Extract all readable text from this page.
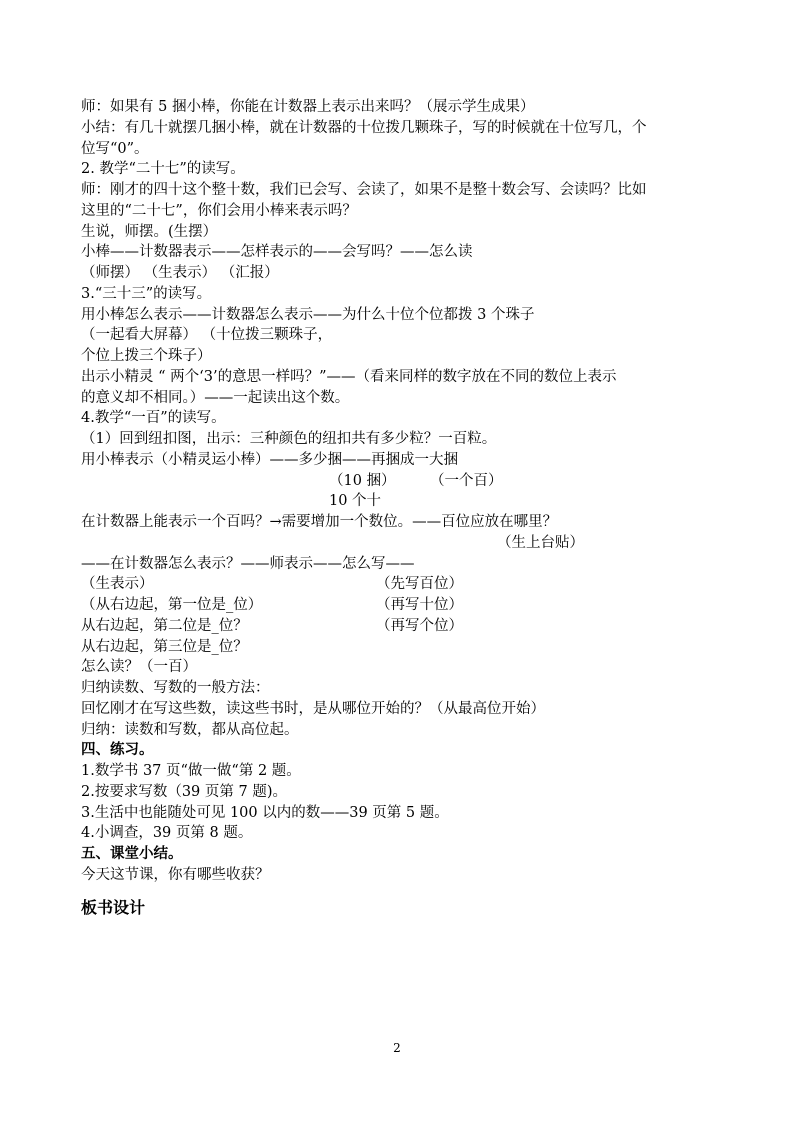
师：如果有 5 捆小棒，你能在计数器上表示出来吗？（展示学生成果）
小结：有几十就摆几捆小棒，就在计数器的十位拨几颗珠子，写的时候就在十位写几，个
位写“0”。
2. 教学“二十七”的读写。
师：刚才的四十这个整十数，我们已会写、会读了，如果不是整十数会写、会读吗？比如
这里的“二十七”，你们会用小棒来表示吗？
生说，师摆。(生摆）
小棒——计数器表示——怎样表示的——会写吗？——怎么读
（师摆） （生表示） （汇报）
3.“三十三”的读写。
用小棒怎么表示——计数器怎么表示——为什么十位个位都拨 3 个珠子
（一起看大屏幕） （十位拨三颗珠子，
个位上拨三个珠子）
出示小精灵 “ 两个‘3’的意思一样吗？”——（看来同样的数字放在不同的数位上表示
的意义却不相同。）——一起读出这个数。
4.教学“一百”的读写。
（1）回到纽扣图，出示：三种颜色的纽扣共有多少粒？一百粒。
用小棒表示（小精灵运小棒）——多少捆——再捆成一大捆
（10 捆） （一个百）
10 个十
在计数器上能表示一个百吗？→需要增加一个数位。——百位应放在哪里？
（生上台贴）
——在计数器怎么表示？——师表示——怎么写——
（生表示）	（先写百位）
（从右边起，第一位是_位）	（再写十位）
从右边起，第二位是_位？	（再写个位）
从右边起，第三位是_位？
怎么读？（一百）
归纳读数、写数的一般方法：
回忆刚才在写这些数，读这些书时，是从哪位开始的？（从最高位开始）
归纳：读数和写数，都从高位起。
四、练习。
1.数学书 37 页“做一做“第 2 题。
2.按要求写数（39 页第 7 题)。
3.生活中也能随处可见 100 以内的数——39 页第 5 题。
4.小调查，39 页第 8 题。
五、课堂小结。
今天这节课，你有哪些收获？
板书设计
2
